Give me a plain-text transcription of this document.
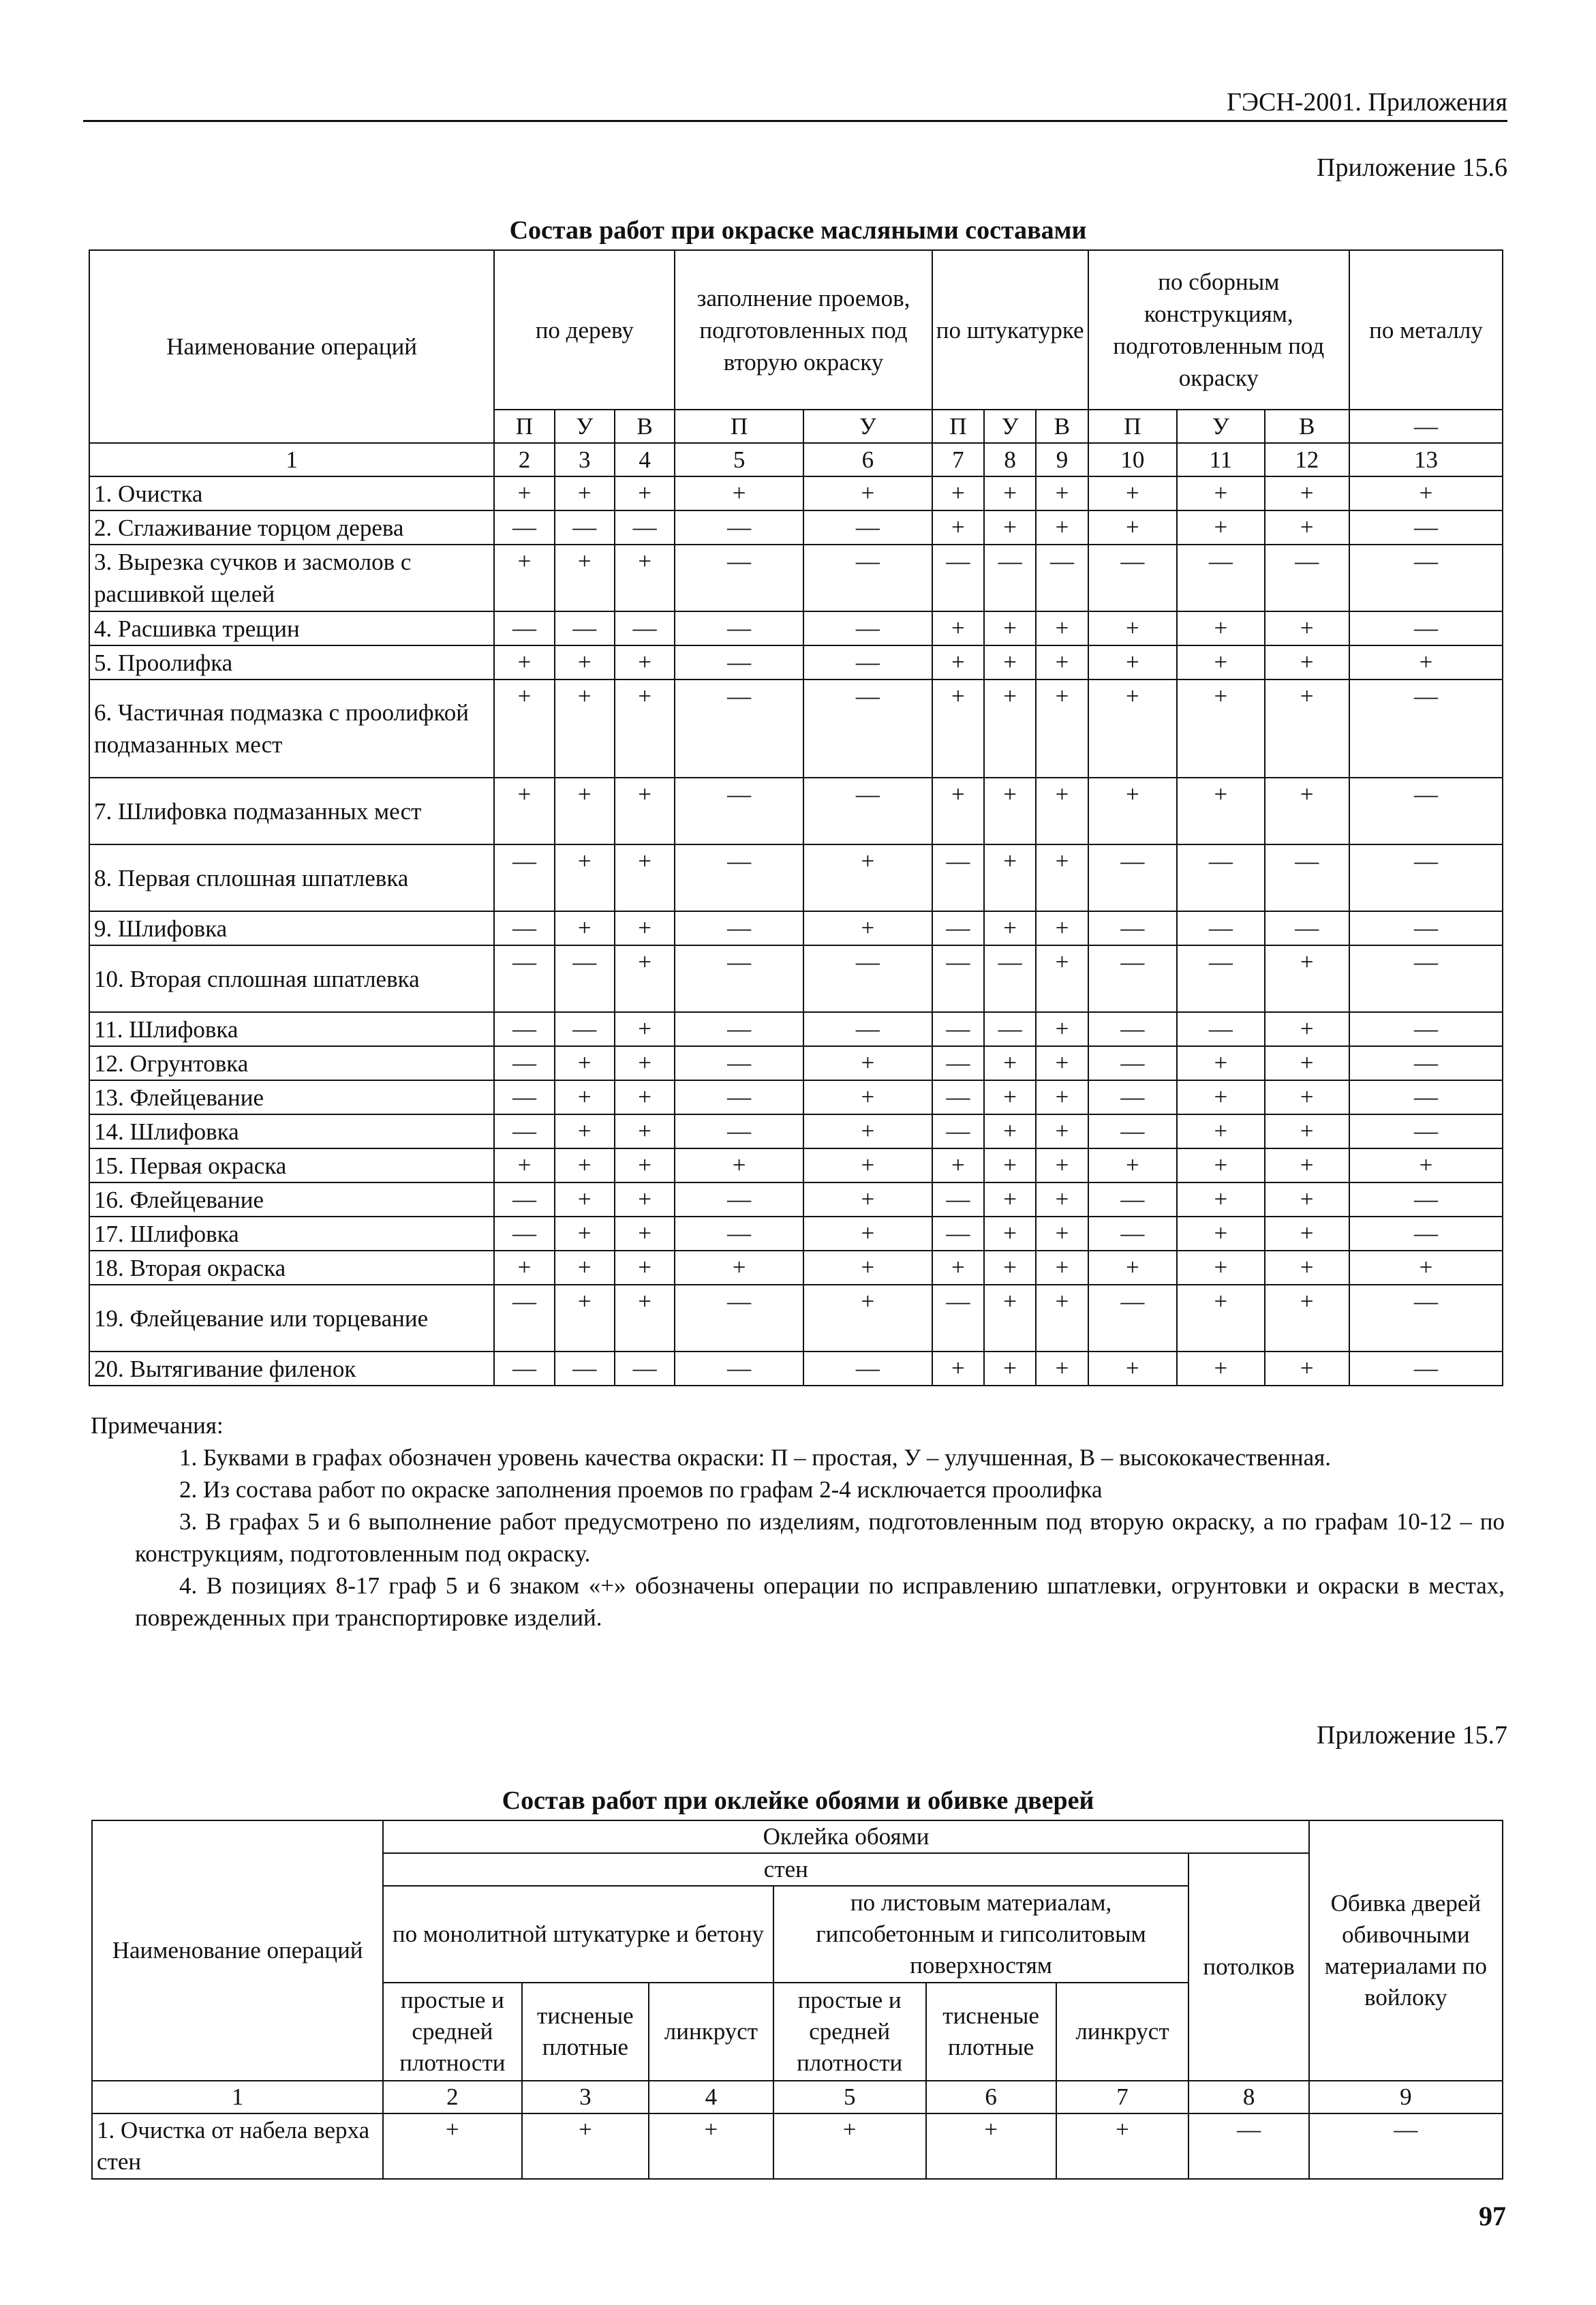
ГЭСН-2001. Приложения
Приложение 15.6
Состав работ при окраске масляными составами
Наименование операций	по дереву			заполнение проемов, подготовленных под вторую окраску		по штукатурке			по сборным конструкциям, подготовленным под окраску			по металлу
	П	У	В	П	У	П	У	В	П	У	В	—
1	2	3	4	5	6	7	8	9	10	11	12	13
1. Очистка	+	+	+	+	+	+	+	+	+	+	+	+
2. Сглаживание торцом дерева	—	—	—	—	—	+	+	+	+	+	+	—
3. Вырезка сучков и засмолов с расшивкой щелей	+	+	+	—	—	—	—	—	—	—	—	—
4. Расшивка трещин	—	—	—	—	—	+	+	+	+	+	+	—
5. Проолифка	+	+	+	—	—	+	+	+	+	+	+	+
6. Частичная подмазка с проолифкой подмазанных мест	+	+	+	—	—	+	+	+	+	+	+	—
7. Шлифовка подмазанных мест	+	+	+	—	—	+	+	+	+	+	+	—
8. Первая сплошная шпатлевка	—	+	+	—	+	—	+	+	—	—	—	—
9. Шлифовка	—	+	+	—	+	—	+	+	—	—	—	—
10. Вторая сплошная шпатлевка	—	—	+	—	—	—	—	+	—	—	+	—
11. Шлифовка	—	—	+	—	—	—	—	+	—	—	+	—
12. Огрунтовка	—	+	+	—	+	—	+	+	—	+	+	—
13. Флейцевание	—	+	+	—	+	—	+	+	—	+	+	—
14. Шлифовка	—	+	+	—	+	—	+	+	—	+	+	—
15. Первая окраска	+	+	+	+	+	+	+	+	+	+	+	+
16. Флейцевание	—	+	+	—	+	—	+	+	—	+	+	—
17. Шлифовка	—	+	+	—	+	—	+	+	—	+	+	—
18. Вторая окраска	+	+	+	+	+	+	+	+	+	+	+	+
19. Флейцевание или торцевание	—	+	+	—	+	—	+	+	—	+	+	—
20. Вытягивание филенок	—	—	—	—	—	+	+	+	+	+	+	—

Примечания:

1. Буквами в графах обозначен уровень качества окраски: П – простая, У – улучшенная, В – высококачественная.

2. Из состава работ по окраске заполнения проемов по графам 2-4 исключается проолифка

3. В графах 5 и 6 выполнение работ предусмотрено по изделиям, подготовленным под вторую окраску, а по графам 10-12 – по конструкциям, подготовленным под окраску.

4. В позициях 8-17 граф 5 и 6 знаком «+» обозначены операции по исправлению шпатлевки, огрунтовки и окраски в местах, поврежденных при транспортировке изделий.

Приложение 15.7
Состав работ при оклейке обоями и обивке дверей
Наименование операций	Оклейка обоями							Обивка дверей обивочными материалами по войлоку
	стен						потолков	
	по монолитной штукатурке и бетону			по листовым материалам, гипсобетонным и гипсолитовым поверхностям				
	простые и средней плотности	тисненые плотные	линкруст	простые и средней плотности	тисненые плотные	линкруст		
1	2	3	4	5	6	7	8	9
1. Очистка от набела верха стен	+	+	+	+	+	+	—	—
97
